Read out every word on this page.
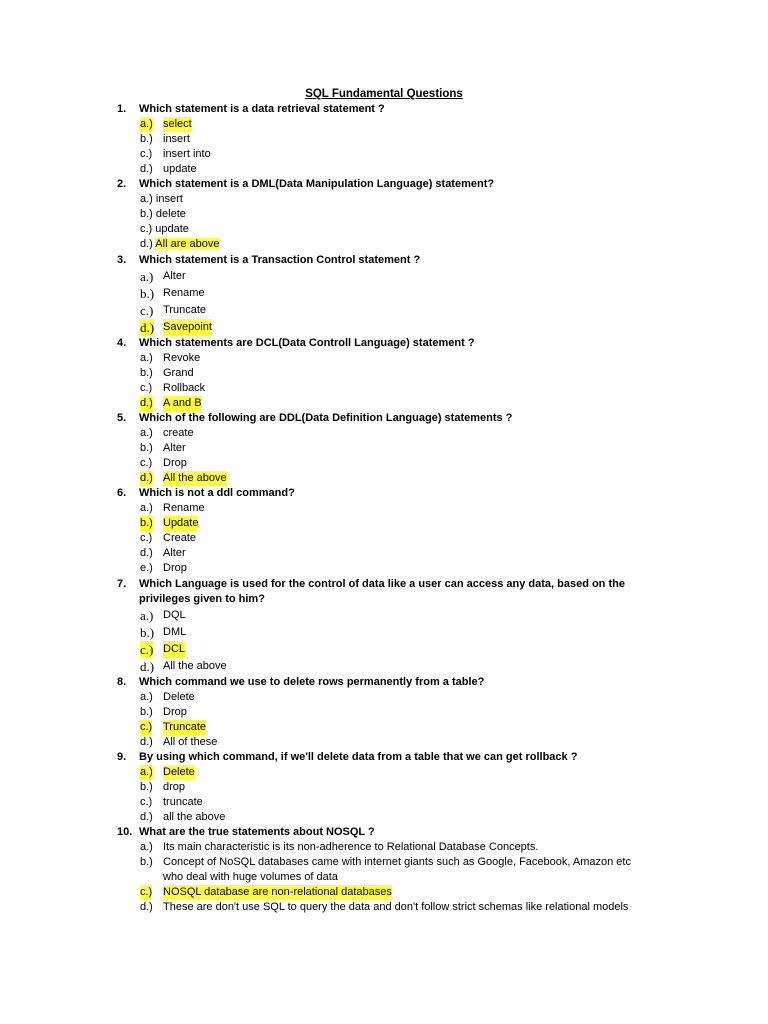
SQL Fundamental Questions
1.	Which statement is a data retrieval statement ?
a.) select
b.) insert
c.) insert into
d.) update
2.	Which statement is a DML(Data Manipulation Language) statement?
a.) insert
b.) delete
c.) update
d.) All are above
3.	Which statement is a Transaction Control statement ?
a.) Alter
b.) Rename
c.) Truncate
d.) Savepoint
4.	Which statements are DCL(Data Controll Language) statement ?
a.) Revoke
b.) Grand
c.) Rollback
d.) A and B
5.	Which of the following are DDL(Data Definition Language) statements ?
a.) create
b.) Alter
c.) Drop
d.) All the above
6.	Which is not a ddl command?
a.) Rename
b.) Update
c.) Create
d.) Alter
e.) Drop
7.	Which Language is used for the control of data like a user can access any data, based on the
privileges given to him?
a.) DQL
b.) DML
c.) DCL
d.) All the above
8.	Which command we use to delete rows permanently from a table?
a.) Delete
b.) Drop
c.) Truncate
d.) All of these
9.	By using which command, if we'll delete data from a table that we can get rollback ?
a.) Delete
b.) drop
c.) truncate
d.) all the above
10. What are the true statements about NOSQL ?
a.) Its main characteristic is its non-adherence to Relational Database Concepts.
b.) Concept of NoSQL databases came with internet giants such as Google, Facebook, Amazon etc
who deal with huge volumes of data
c.) NOSQL database are non-relational databases
d.) These are don't use SQL to query the data and don't follow strict schemas like relational models
